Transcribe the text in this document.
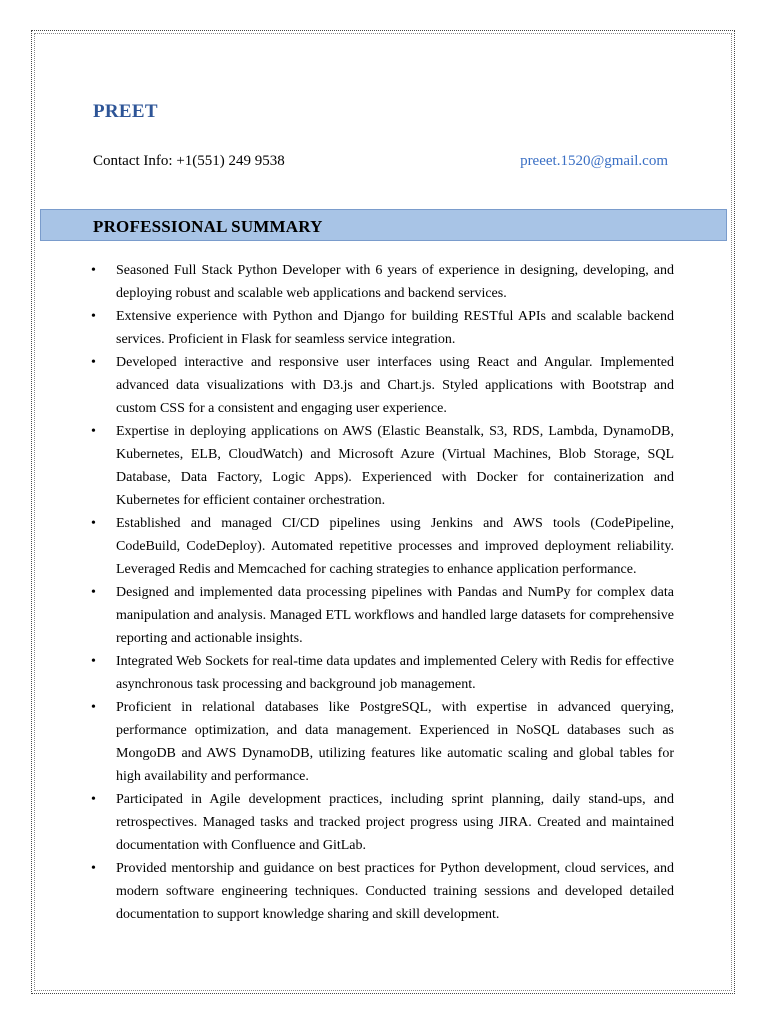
PREET
Contact Info: +1(551) 249 9538	preeet.1520@gmail.com
PROFESSIONAL SUMMARY
• Seasoned Full Stack Python Developer with 6 years of experience in designing, developing, and deploying robust and scalable web applications and backend services.
• Extensive experience with Python and Django for building RESTful APIs and scalable backend services. Proficient in Flask for seamless service integration.
• Developed interactive and responsive user interfaces using React and Angular. Implemented advanced data visualizations with D3.js and Chart.js. Styled applications with Bootstrap and custom CSS for a consistent and engaging user experience.
• Expertise in deploying applications on AWS (Elastic Beanstalk, S3, RDS, Lambda, DynamoDB, Kubernetes, ELB, CloudWatch) and Microsoft Azure (Virtual Machines, Blob Storage, SQL Database, Data Factory, Logic Apps). Experienced with Docker for containerization and Kubernetes for efficient container orchestration.
• Established and managed CI/CD pipelines using Jenkins and AWS tools (CodePipeline, CodeBuild, CodeDeploy). Automated repetitive processes and improved deployment reliability. Leveraged Redis and Memcached for caching strategies to enhance application performance.
• Designed and implemented data processing pipelines with Pandas and NumPy for complex data manipulation and analysis. Managed ETL workflows and handled large datasets for comprehensive reporting and actionable insights.
• Integrated Web Sockets for real-time data updates and implemented Celery with Redis for effective asynchronous task processing and background job management.
• Proficient in relational databases like PostgreSQL, with expertise in advanced querying, performance optimization, and data management. Experienced in NoSQL databases such as MongoDB and AWS DynamoDB, utilizing features like automatic scaling and global tables for high availability and performance.
• Participated in Agile development practices, including sprint planning, daily stand-ups, and retrospectives. Managed tasks and tracked project progress using JIRA. Created and maintained documentation with Confluence and GitLab.
• Provided mentorship and guidance on best practices for Python development, cloud services, and modern software engineering techniques. Conducted training sessions and developed detailed documentation to support knowledge sharing and skill development.
